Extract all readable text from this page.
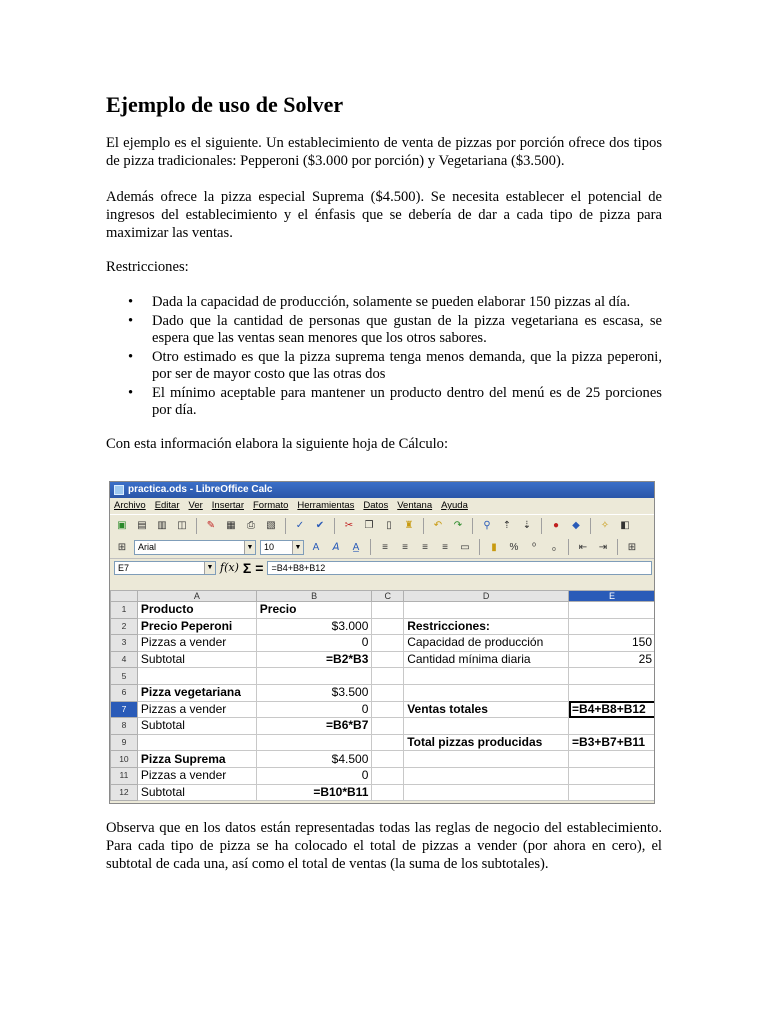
Ejemplo de uso de Solver

El ejemplo es el siguiente. Un establecimiento de venta de pizzas por porción ofrece dos tipos de pizza tradicionales: Pepperoni ($3.000 por porción) y Vegetariana ($3.500).

Además ofrece la pizza especial Suprema ($4.500). Se necesita establecer el potencial de ingresos del establecimiento y el énfasis que se debería de dar a cada tipo de pizza para maximizar las ventas.

Restricciones:

• Dada la capacidad de producción, solamente se pueden elaborar 150 pizzas al día.
• Dado que la cantidad de personas que gustan de la pizza vegetariana es escasa, se espera que las ventas sean menores que los otros sabores.
• Otro estimado es que la pizza suprema tenga menos demanda, que la pizza peperoni, por ser de mayor costo que las otras dos
• El mínimo aceptable para mantener un producto dentro del menú es de 25 porciones por día.

Con esta información elabora la siguiente hoja de Cálculo:

practica.ods - LibreOffice Calc
Archivo Editar Ver Insertar Formato Herramientas Datos Ventana Ayuda
▣	▤	▥	◫	✎	▦	⎙	▧	✓	✔	✂	❐	▯	♜	↶	↷	⚲	⇡	⇣	●	◆	✧	◧
⊞	Arial	▼	10	▼	A	𝘈	A̲	≡	≡	≡	≡	▭	▮	%	⁰	₀	⇤	⇥	⊞
E7	▼ f(x) Σ = =B4+B8+B12
	A	B	C	D	E
1	Producto	Precio			
2	Precio Peperoni	$3.000		Restricciones:	
3	Pizzas a vender	0		Capacidad de producción	150
4	Subtotal	=B2*B3		Cantidad mínima diaria	25
5					
6	Pizza vegetariana	$3.500			
7	Pizzas a vender	0		Ventas totales	=B4+B8+B12
8	Subtotal	=B6*B7			
9				Total pizzas producidas	=B3+B7+B11
10	Pizza Suprema	$4.500			
11	Pizzas a vender	0			
12	Subtotal	=B10*B11			

Observa que en los datos están representadas todas las reglas de negocio del establecimiento. Para cada tipo de pizza se ha colocado el total de pizzas a vender (por ahora en cero), el subtotal de cada una, así como el total de ventas (la suma de los subtotales).
